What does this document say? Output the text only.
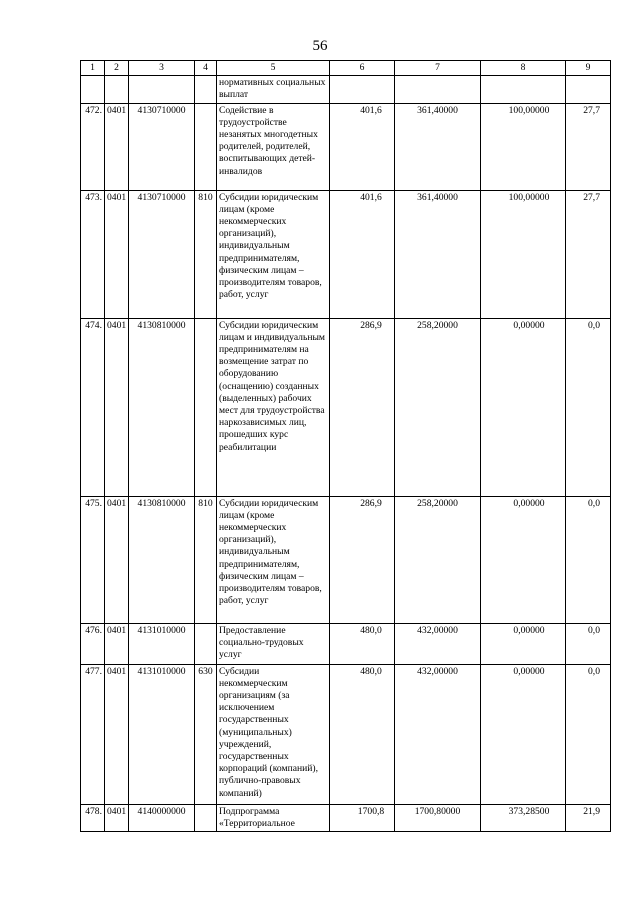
56
1	2	3	4	5	6	7	8	9
				нормативных социальных выплат				
472.	0401	4130710000		Содействие в трудоустройстве незанятых многодетных родителей, родителей, воспитывающих детей-инвалидов	401,6	361,40000	100,00000	27,7
473.	0401	4130710000	810	Субсидии юридическим лицам (кроме некоммерческих организаций), индивидуальным предпринимателям, физическим лицам – производителям товаров, работ, услуг	401,6	361,40000	100,00000	27,7
474.	0401	4130810000		Субсидии юридическим лицам и индивидуальным предпринимателям на возмещение затрат по оборудованию (оснащению) созданных (выделенных) рабочих мест для трудоустройства наркозависимых лиц, прошедших курс реабилитации	286,9	258,20000	0,00000	0,0
475.	0401	4130810000	810	Субсидии юридическим лицам (кроме некоммерческих организаций), индивидуальным предпринимателям, физическим лицам – производителям товаров, работ, услуг	286,9	258,20000	0,00000	0,0
476.	0401	4131010000		Предоставление социально-трудовых услуг	480,0	432,00000	0,00000	0,0
477.	0401	4131010000	630	Субсидии некоммерческим организациям (за исключением государственных (муниципальных) учреждений, государственных корпораций (компаний), публично-правовых компаний)	480,0	432,00000	0,00000	0,0
478.	0401	4140000000		Подпрограмма «Территориальное	1700,8	1700,80000	373,28500	21,9
